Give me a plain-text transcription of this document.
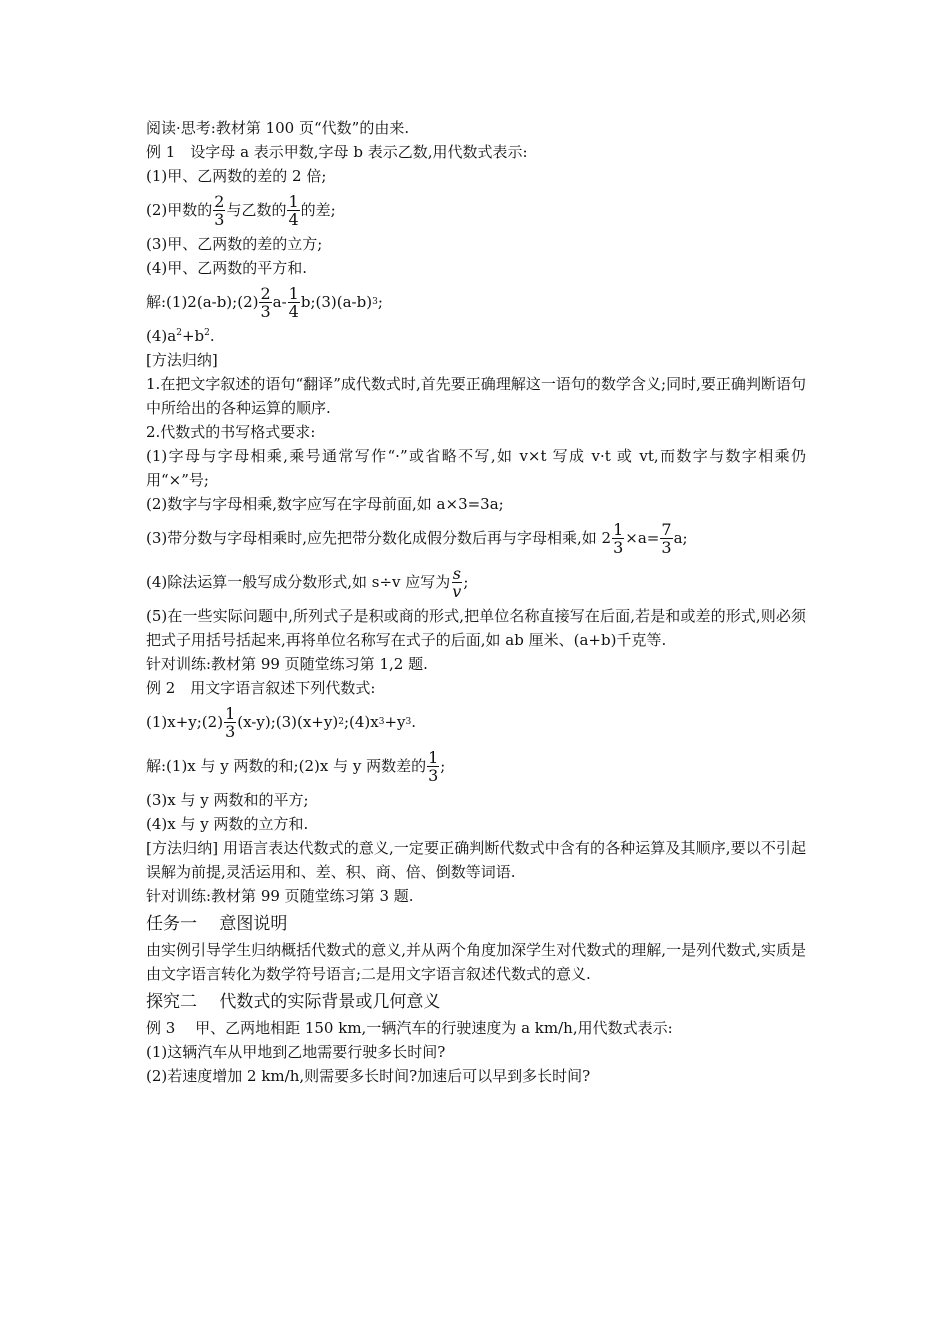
阅读·思考:教材第 100 页“代数”的由来.
例 1　设字母 a 表示甲数,字母 b 表示乙数,用代数式表示:
(1)甲、乙两数的差的 2 倍;
(2)甲数的 $\frac{2}{3}$ 与乙数的 $\frac{1}{4}$ 的差;
(3)甲、乙两数的差的立方;
(4)甲、乙两数的平方和.
解:(1)2(a-b);(2) $\frac{2}{3} a- \frac{1}{4}$ b;(3)(a-b) 3 ;
$(4)a^2+b^2$.
[方法归纳]
1.在把文字叙述的语句“翻译”成代数式时,首先要正确理解这一语句的数学含义;同时,要正确判断语句中所给出的各种运算的顺序.
2.代数式的书写格式要求:
(1)字母与字母相乘,乘号通常写作“·”或省略不写,如 v×t 写成 v·t 或 vt,而数字与数字相乘仍用“×”号;
(2)数字与字母相乘,数字应写在字母前面,如 a×3=3a;
(3)带分数与字母相乘时,应先把带分数化成假分数后再与字母相乘,如 $2 \frac{1}{3} \times a= \frac{7}{3} a$;
(4)除法运算一般写成分数形式,如 s÷v 应写为 $\frac{s}{v}$ ;
(5)在一些实际问题中,所列式子是积或商的形式,把单位名称直接写在后面,若是和或差的形式,则必须把式子用括号括起来,再将单位名称写在式子的后面,如 ab 厘米、(a+b)千克等.
针对训练:教材第 99 页随堂练习第 1,2 题.
例 2　用文字语言叙述下列代数式:
(1)x+y;(2) $\frac{1}{3}$ (x-y);(3)(x+y) 2 ;(4)x 3 +y 3 .
解:(1)x 与 y 两数的和;(2)x 与 y 两数差的 $\frac{1}{3}$ ;
(3)x 与 y 两数和的平方;
(4)x 与 y 两数的立方和.
[方法归纳] 用语言表达代数式的意义,一定要正确判断代数式中含有的各种运算及其顺序,要以不引起误解为前提,灵活运用和、差、积、商、倍、倒数等词语.
针对训练:教材第 99 页随堂练习第 3 题.
任务一　 意图说明
由实例引导学生归纳概括代数式的意义,并从两个角度加深学生对代数式的理解,一是列代数式,实质是由文字语言转化为数学符号语言;二是用文字语言叙述代数式的意义.
探究二　 代数式的实际背景或几何意义
例 3　 甲、乙两地相距 150 km,一辆汽车的行驶速度为 a km/h,用代数式表示:
(1)这辆汽车从甲地到乙地需要行驶多长时间?
(2)若速度增加 2 km/h,则需要多长时间?加速后可以早到多长时间?
